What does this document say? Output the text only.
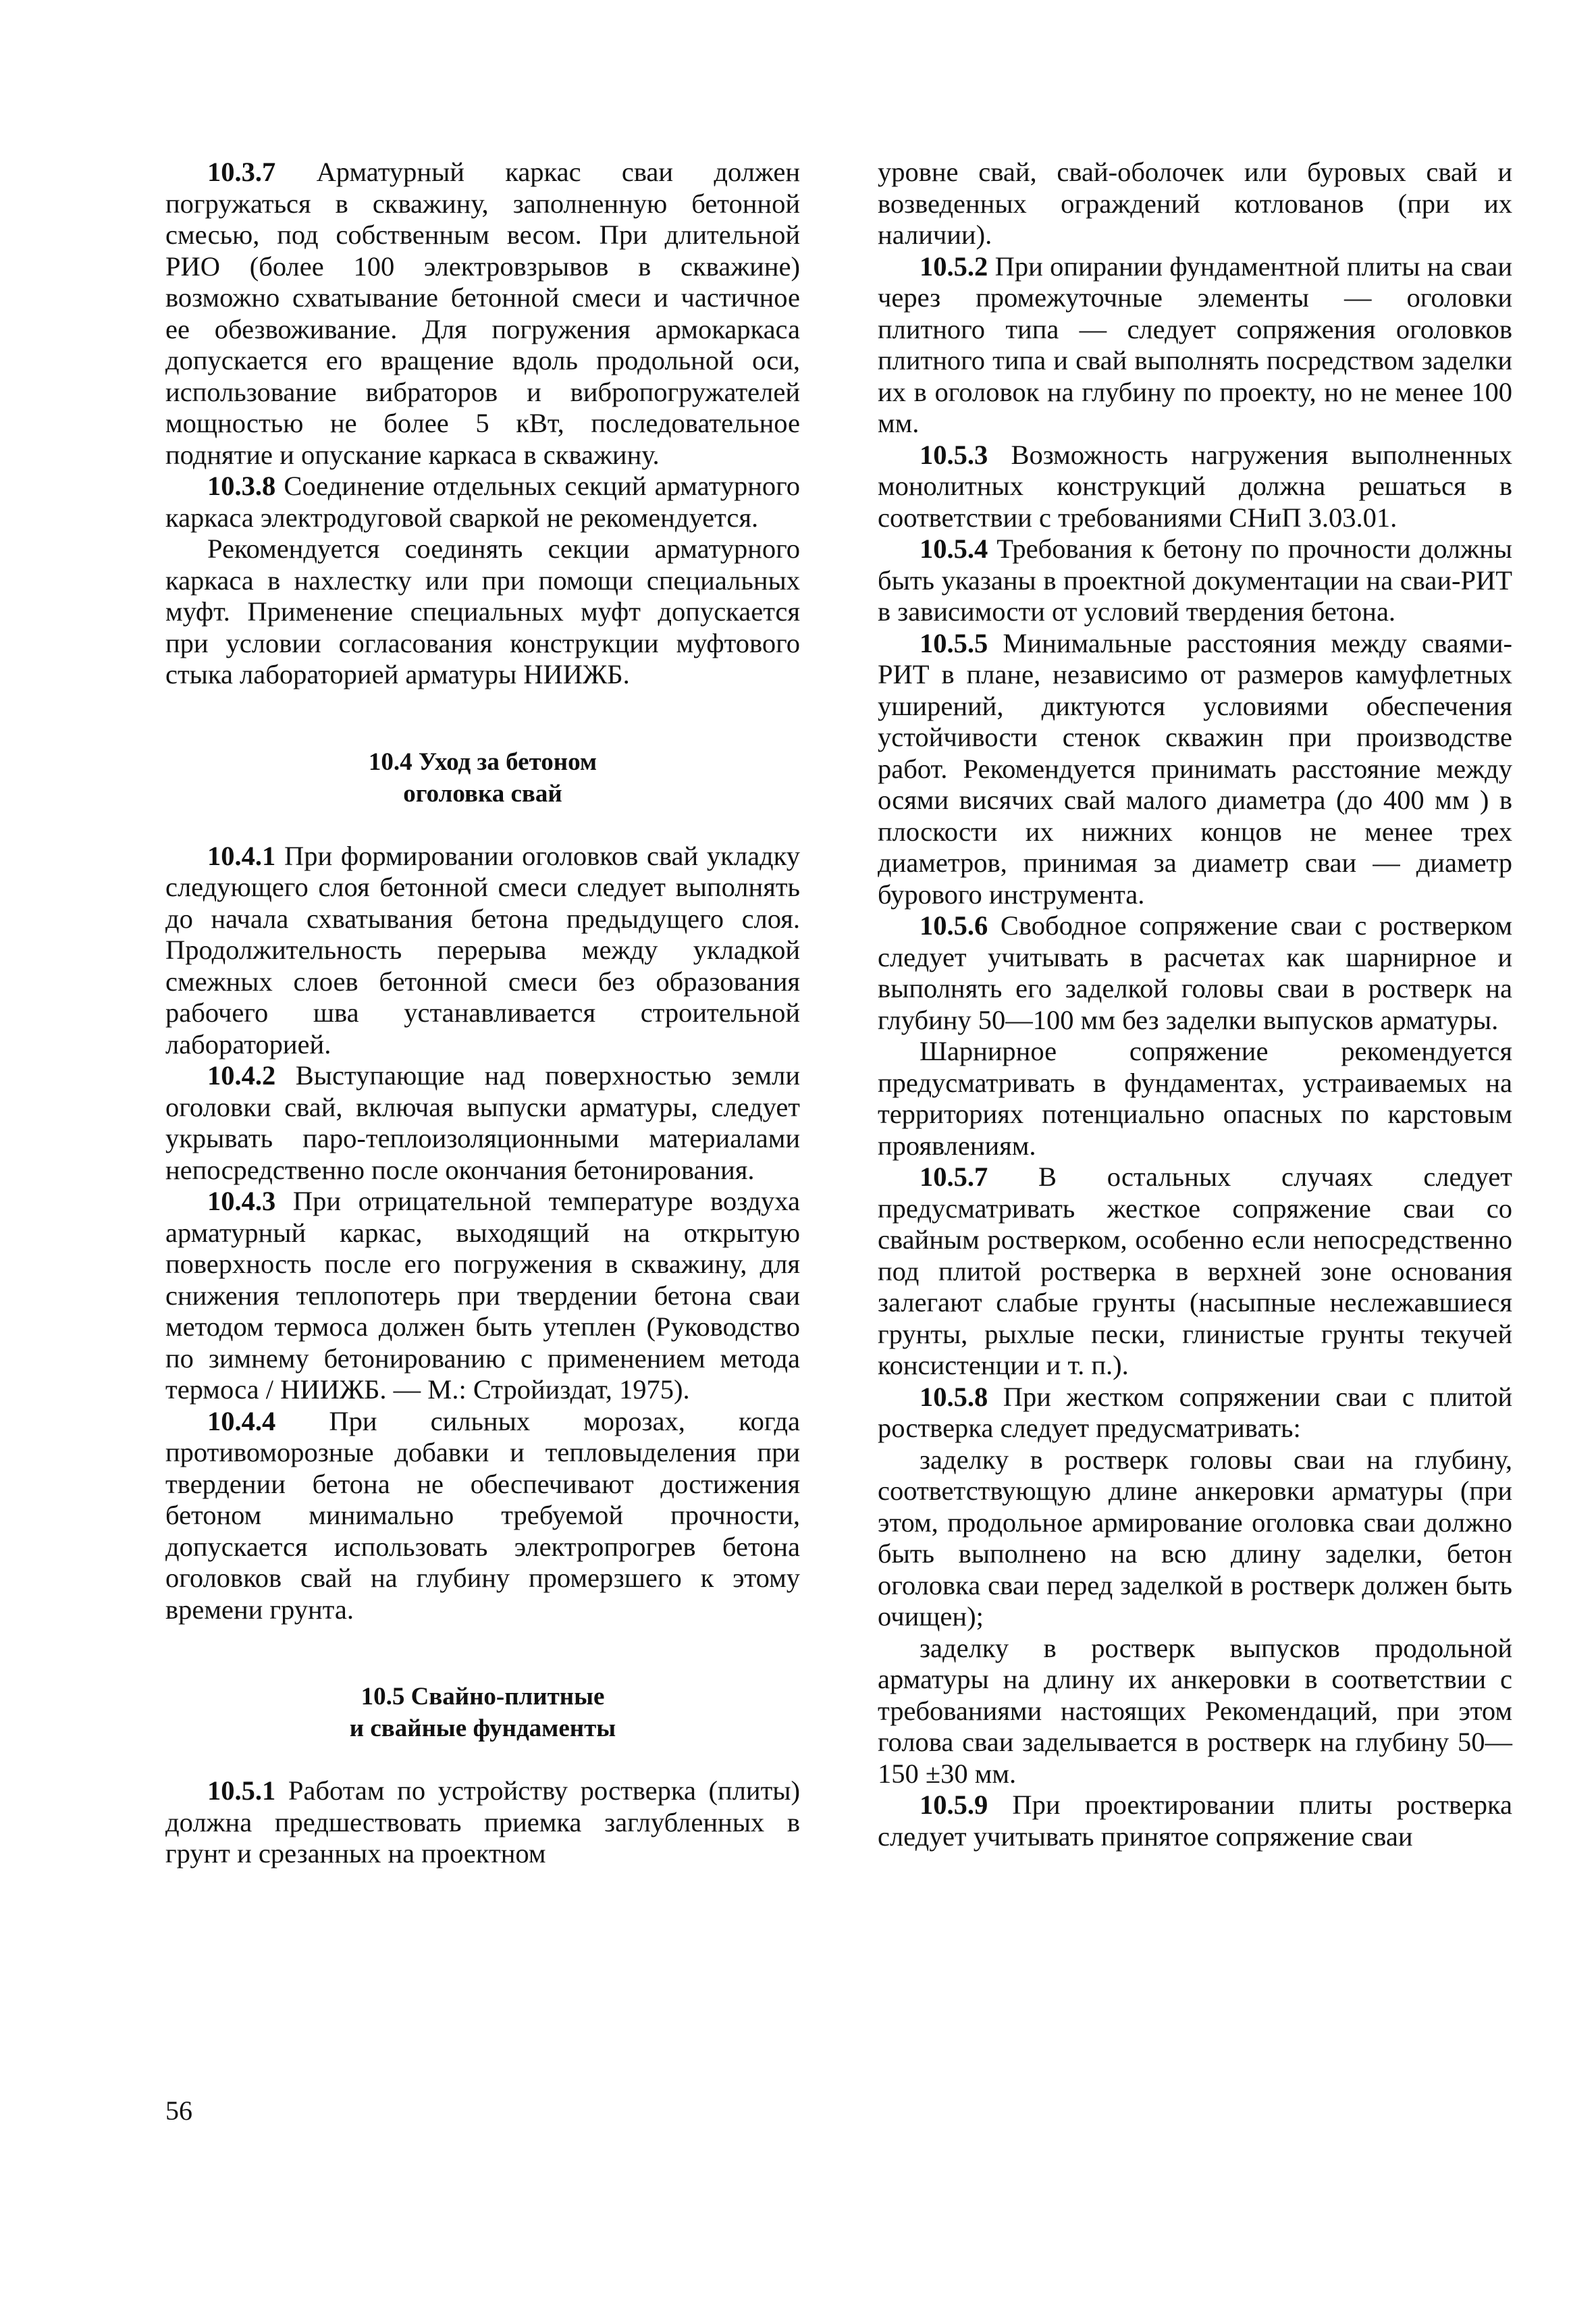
10.3.7 Арматурный каркас сваи должен погружаться в скважину, заполненную бетонной смесью, под собственным весом. При длительной РИО (более 100 электровзрывов в скважине) возможно схватывание бетонной смеси и частичное ее обезвоживание. Для погружения армокаркаса допускается его вращение вдоль продольной оси, использование вибраторов и вибропогружателей мощностью не более 5 кВт, последовательное поднятие и опускание каркаса в скважину.

10.3.8 Соединение отдельных секций арматурного каркаса электродуговой сваркой не рекомендуется.

Рекомендуется соединять секции арматурного каркаса в нахлестку или при помощи специальных муфт. Применение специальных муфт допускается при условии согласования конструкции муфтового стыка лабораторией арматуры НИИЖБ.

10.4 Уход за бетоном
оголовка свай

10.4.1 При формировании оголовков свай укладку следующего слоя бетонной смеси следует выполнять до начала схватывания бетона предыдущего слоя. Продолжительность перерыва между укладкой смежных слоев бетонной смеси без образования рабочего шва устанавливается строительной лабораторией.

10.4.2 Выступающие над поверхностью земли оголовки свай, включая выпуски арматуры, следует укрывать паро-теплоизоляционными материалами непосредственно после окончания бетонирования.

10.4.3 При отрицательной температуре воздуха арматурный каркас, выходящий на открытую поверхность после его погружения в скважину, для снижения теплопотерь при твердении бетона сваи методом термоса должен быть утеплен (Руководство по зимнему бетонированию с применением метода термоса / НИИЖБ. — М.: Стройиздат, 1975).

10.4.4 При сильных морозах, когда противоморозные добавки и тепловыделения при твердении бетона не обеспечивают достижения бетоном минимально требуемой прочности, допускается использовать электропрогрев бетона оголовков свай на глубину промерзшего к этому времени грунта.

10.5 Свайно-плитные
и свайные фундаменты

10.5.1 Работам по устройству ростверка (плиты) должна предшествовать приемка заглубленных в грунт и срезанных на проектном

уровне свай, свай-оболочек или буровых свай и возведенных ограждений котлованов (при их наличии).

10.5.2 При опирании фундаментной плиты на сваи через промежуточные элементы — оголовки плитного типа — следует сопряжения оголовков плитного типа и свай выполнять посредством заделки их в оголовок на глубину по проекту, но не менее 100 мм.

10.5.3 Возможность нагружения выполненных монолитных конструкций должна решаться в соответствии с требованиями СНиП 3.03.01.

10.5.4 Требования к бетону по прочности должны быть указаны в проектной документации на сваи-РИТ в зависимости от условий твердения бетона.

10.5.5 Минимальные расстояния между сваями-РИТ в плане, независимо от размеров камуфлетных уширений, диктуются условиями обеспечения устойчивости стенок скважин при производстве работ. Рекомендуется принимать расстояние между осями висячих свай малого диаметра (до 400 мм ) в плоскости их нижних концов не менее трех диаметров, принимая за диаметр сваи — диаметр бурового инструмента.

10.5.6 Свободное сопряжение сваи с ростверком следует учитывать в расчетах как шарнирное и выполнять его заделкой головы сваи в ростверк на глубину 50—100 мм без заделки выпусков арматуры.

Шарнирное сопряжение рекомендуется предусматривать в фундаментах, устраиваемых на территориях потенциально опасных по карстовым проявлениям.

10.5.7 В остальных случаях следует предусматривать жесткое сопряжение сваи со свайным ростверком, особенно если непосредственно под плитой ростверка в верхней зоне основания залегают слабые грунты (насыпные неслежавшиеся грунты, рыхлые пески, глинистые грунты текучей консистенции и т. п.).

10.5.8 При жестком сопряжении сваи с плитой ростверка следует предусматривать:

заделку в ростверк головы сваи на глубину, соответствующую длине анкеровки арматуры (при этом, продольное армирование оголовка сваи должно быть выполнено на всю длину заделки, бетон оголовка сваи перед заделкой в ростверк должен быть очищен);

заделку в ростверк выпусков продольной арматуры на длину их анкеровки в соответствии с требованиями настоящих Рекомендаций, при этом голова сваи заделывается в ростверк на глубину 50—150 ±30 мм.

10.5.9 При проектировании плиты ростверка следует учитывать принятое сопряжение сваи

56
